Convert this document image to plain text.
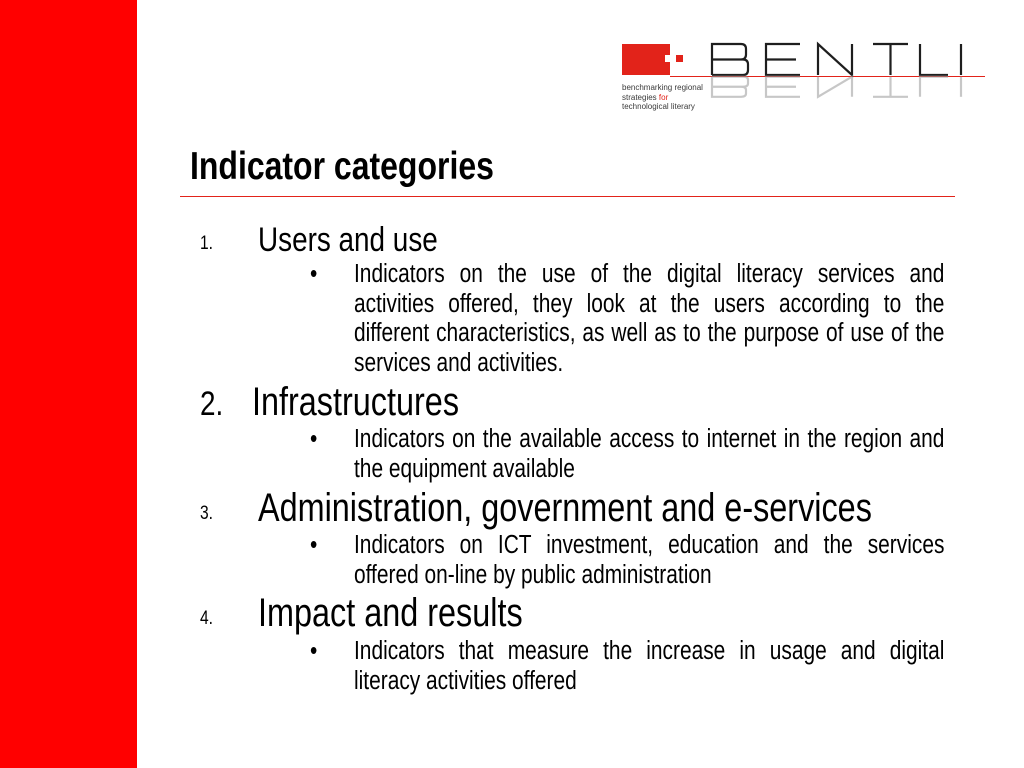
benchmarking regional
strategies for
technological literary
Indicator categories
1. Users and use
• Indicators on the use of the digital literacy services and activities offered, they look at the users according to the different characteristics, as well as to the purpose of use of the services and activities.
2. Infrastructures
• Indicators on the available access to internet in the region and the equipment available
3. Administration, government and e-services
• Indicators on ICT investment, education and the services offered on-line by public administration
4. Impact and results
• Indicators that measure the increase in usage and digital literacy activities offered
